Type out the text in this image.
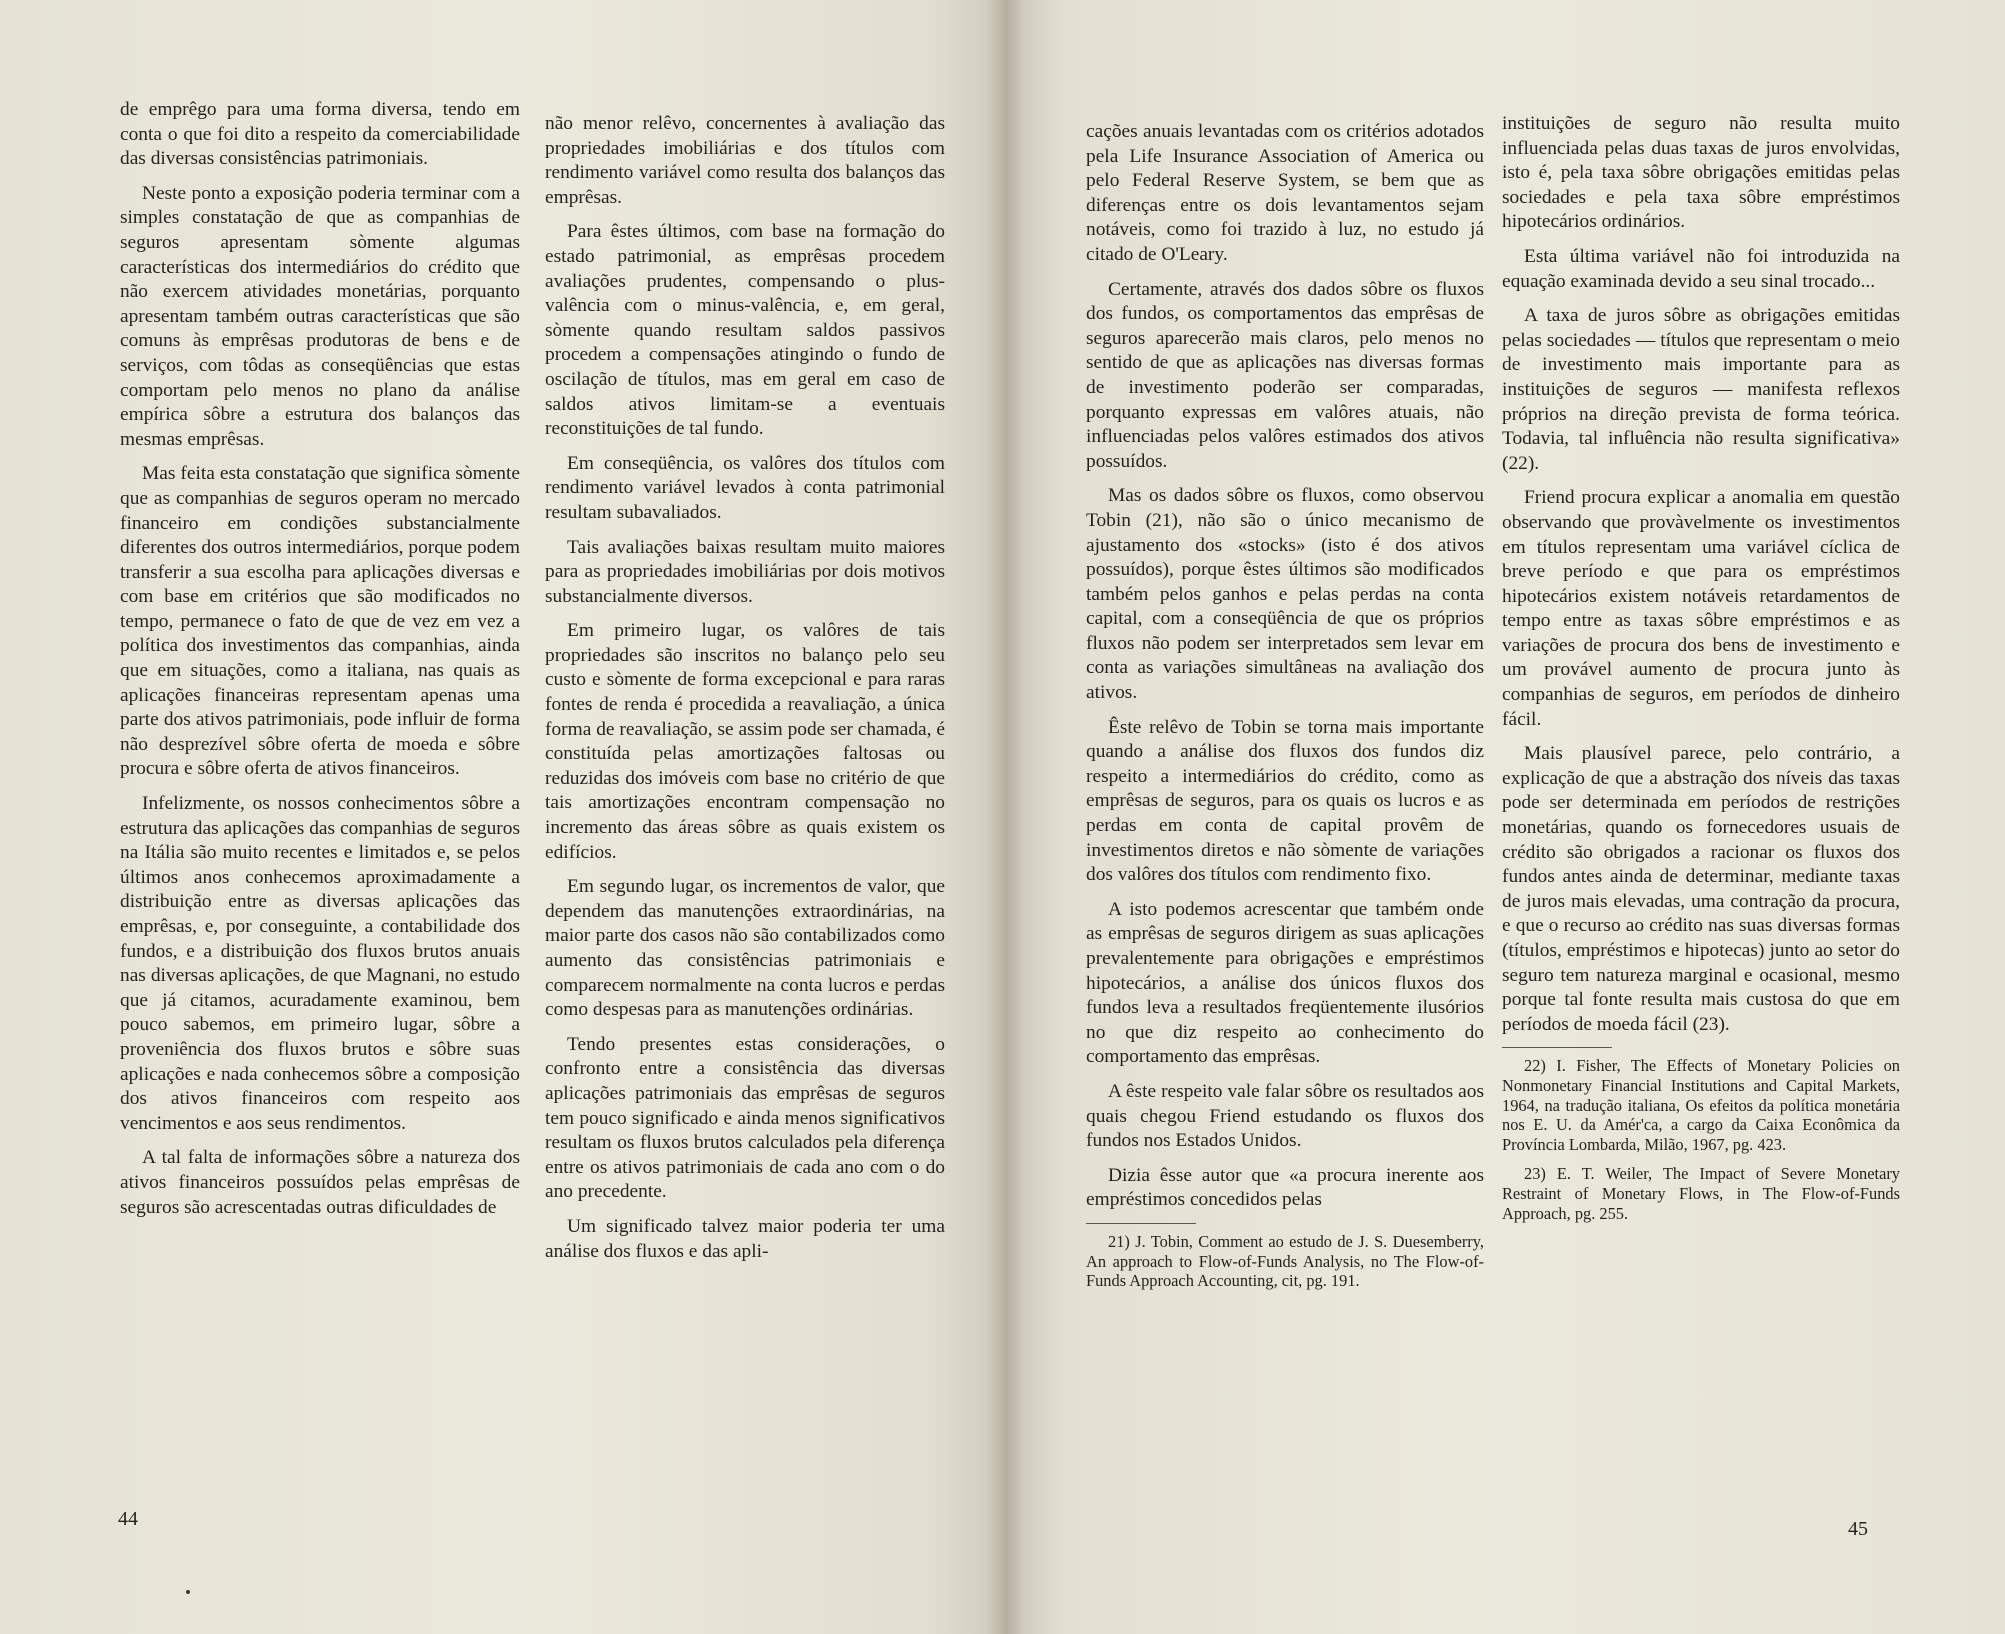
de emprêgo para uma forma diversa, tendo em conta o que foi dito a respeito da comerciabilidade das diversas consistências patrimoniais.

Neste ponto a exposição poderia terminar com a simples constatação de que as companhias de seguros apresentam sòmente algumas características dos intermediários do crédito que não exercem atividades monetárias, porquanto apresentam também outras características que são comuns às emprêsas produtoras de bens e de serviços, com tôdas as conseqüências que estas comportam pelo menos no plano da análise empírica sôbre a estrutura dos balanços das mesmas emprêsas.

Mas feita esta constatação que significa sòmente que as companhias de seguros operam no mercado financeiro em condições substancialmente diferentes dos outros intermediários, porque podem transferir a sua escolha para aplicações diversas e com base em critérios que são modificados no tempo, permanece o fato de que de vez em vez a política dos investimentos das companhias, ainda que em situações, como a italiana, nas quais as aplicações financeiras representam apenas uma parte dos ativos patrimoniais, pode influir de forma não desprezível sôbre oferta de moeda e sôbre procura e sôbre oferta de ativos financeiros.

Infelizmente, os nossos conhecimentos sôbre a estrutura das aplicações das companhias de seguros na Itália são muito recentes e limitados e, se pelos últimos anos conhecemos aproximadamente a distribuição entre as diversas aplicações das emprêsas, e, por conseguinte, a contabilidade dos fundos, e a distribuição dos fluxos brutos anuais nas diversas aplicações, de que Magnani, no estudo que já citamos, acuradamente examinou, bem pouco sabemos, em primeiro lugar, sôbre a proveniência dos fluxos brutos e sôbre suas aplicações e nada conhecemos sôbre a composição dos ativos financeiros com respeito aos vencimentos e aos seus rendimentos.

A tal falta de informações sôbre a natureza dos ativos financeiros possuídos pelas emprêsas de seguros são acrescentadas outras dificuldades de

não menor relêvo, concernentes à avaliação das propriedades imobiliárias e dos títulos com rendimento variável como resulta dos balanços das emprêsas.

Para êstes últimos, com base na formação do estado patrimonial, as emprêsas procedem avaliações prudentes, compensando o plus-valência com o minus-valência, e, em geral, sòmente quando resultam saldos passivos procedem a compensações atingindo o fundo de oscilação de títulos, mas em geral em caso de saldos ativos limitam-se a eventuais reconstituições de tal fundo.

Em conseqüência, os valôres dos títulos com rendimento variável levados à conta patrimonial resultam subavaliados.

Tais avaliações baixas resultam muito maiores para as propriedades imobiliárias por dois motivos substancialmente diversos.

Em primeiro lugar, os valôres de tais propriedades são inscritos no balanço pelo seu custo e sòmente de forma excepcional e para raras fontes de renda é procedida a reavaliação, a única forma de reavaliação, se assim pode ser chamada, é constituída pelas amortizações faltosas ou reduzidas dos imóveis com base no critério de que tais amortizações encontram compensação no incremento das áreas sôbre as quais existem os edifícios.

Em segundo lugar, os incrementos de valor, que dependem das manutenções extraordinárias, na maior parte dos casos não são contabilizados como aumento das consistências patrimoniais e comparecem normalmente na conta lucros e perdas como despesas para as manutenções ordinárias.

Tendo presentes estas considerações, o confronto entre a consistência das diversas aplicações patrimoniais das emprêsas de seguros tem pouco significado e ainda menos significativos resultam os fluxos brutos calculados pela diferença entre os ativos patrimoniais de cada ano com o do ano precedente.

Um significado talvez maior poderia ter uma análise dos fluxos e das apli-

44

cações anuais levantadas com os critérios adotados pela Life Insurance Association of America ou pelo Federal Reserve System, se bem que as diferenças entre os dois levantamentos sejam notáveis, como foi trazido à luz, no estudo já citado de O'Leary.

Certamente, através dos dados sôbre os fluxos dos fundos, os comportamentos das emprêsas de seguros aparecerão mais claros, pelo menos no sentido de que as aplicações nas diversas formas de investimento poderão ser comparadas, porquanto expressas em valôres atuais, não influenciadas pelos valôres estimados dos ativos possuídos.

Mas os dados sôbre os fluxos, como observou Tobin (21), não são o único mecanismo de ajustamento dos «stocks» (isto é dos ativos possuídos), porque êstes últimos são modificados também pelos ganhos e pelas perdas na conta capital, com a conseqüência de que os próprios fluxos não podem ser interpretados sem levar em conta as variações simultâneas na avaliação dos ativos.

Êste relêvo de Tobin se torna mais importante quando a análise dos fluxos dos fundos diz respeito a intermediários do crédito, como as emprêsas de seguros, para os quais os lucros e as perdas em conta de capital provêm de investimentos diretos e não sòmente de variações dos valôres dos títulos com rendimento fixo.

A isto podemos acrescentar que também onde as emprêsas de seguros dirigem as suas aplicações prevalentemente para obrigações e empréstimos hipotecários, a análise dos únicos fluxos dos fundos leva a resultados freqüentemente ilusórios no que diz respeito ao conhecimento do comportamento das emprêsas.

A êste respeito vale falar sôbre os resultados aos quais chegou Friend estudando os fluxos dos fundos nos Estados Unidos.

Dizia êsse autor que «a procura inerente aos empréstimos concedidos pelas

21) J. Tobin, Comment ao estudo de J. S. Duesemberry, An approach to Flow-of-Funds Analysis, no The Flow-of-Funds Approach Accounting, cit, pg. 191.

instituições de seguro não resulta muito influenciada pelas duas taxas de juros envolvidas, isto é, pela taxa sôbre obrigações emitidas pelas sociedades e pela taxa sôbre empréstimos hipotecários ordinários.

Esta última variável não foi introduzida na equação examinada devido a seu sinal trocado...

A taxa de juros sôbre as obrigações emitidas pelas sociedades — títulos que representam o meio de investimento mais importante para as instituições de seguros — manifesta reflexos próprios na direção prevista de forma teórica. Todavia, tal influência não resulta significativa» (22).

Friend procura explicar a anomalia em questão observando que provàvelmente os investimentos em títulos representam uma variável cíclica de breve período e que para os empréstimos hipotecários existem notáveis retardamentos de tempo entre as taxas sôbre empréstimos e as variações de procura dos bens de investimento e um provável aumento de procura junto às companhias de seguros, em períodos de dinheiro fácil.

Mais plausível parece, pelo contrário, a explicação de que a abstração dos níveis das taxas pode ser determinada em períodos de restrições monetárias, quando os fornecedores usuais de crédito são obrigados a racionar os fluxos dos fundos antes ainda de determinar, mediante taxas de juros mais elevadas, uma contração da procura, e que o recurso ao crédito nas suas diversas formas (títulos, empréstimos e hipotecas) junto ao setor do seguro tem natureza marginal e ocasional, mesmo porque tal fonte resulta mais custosa do que em períodos de moeda fácil (23).

22) I. Fisher, The Effects of Monetary Policies on Nonmonetary Financial Institutions and Capital Markets, 1964, na tradução italiana, Os efeitos da política monetária nos E. U. da Amér'ca, a cargo da Caixa Econômica da Província Lombarda, Milão, 1967, pg. 423.

23) E. T. Weiler, The Impact of Severe Monetary Restraint of Monetary Flows, in The Flow-of-Funds Approach, pg. 255.

45
